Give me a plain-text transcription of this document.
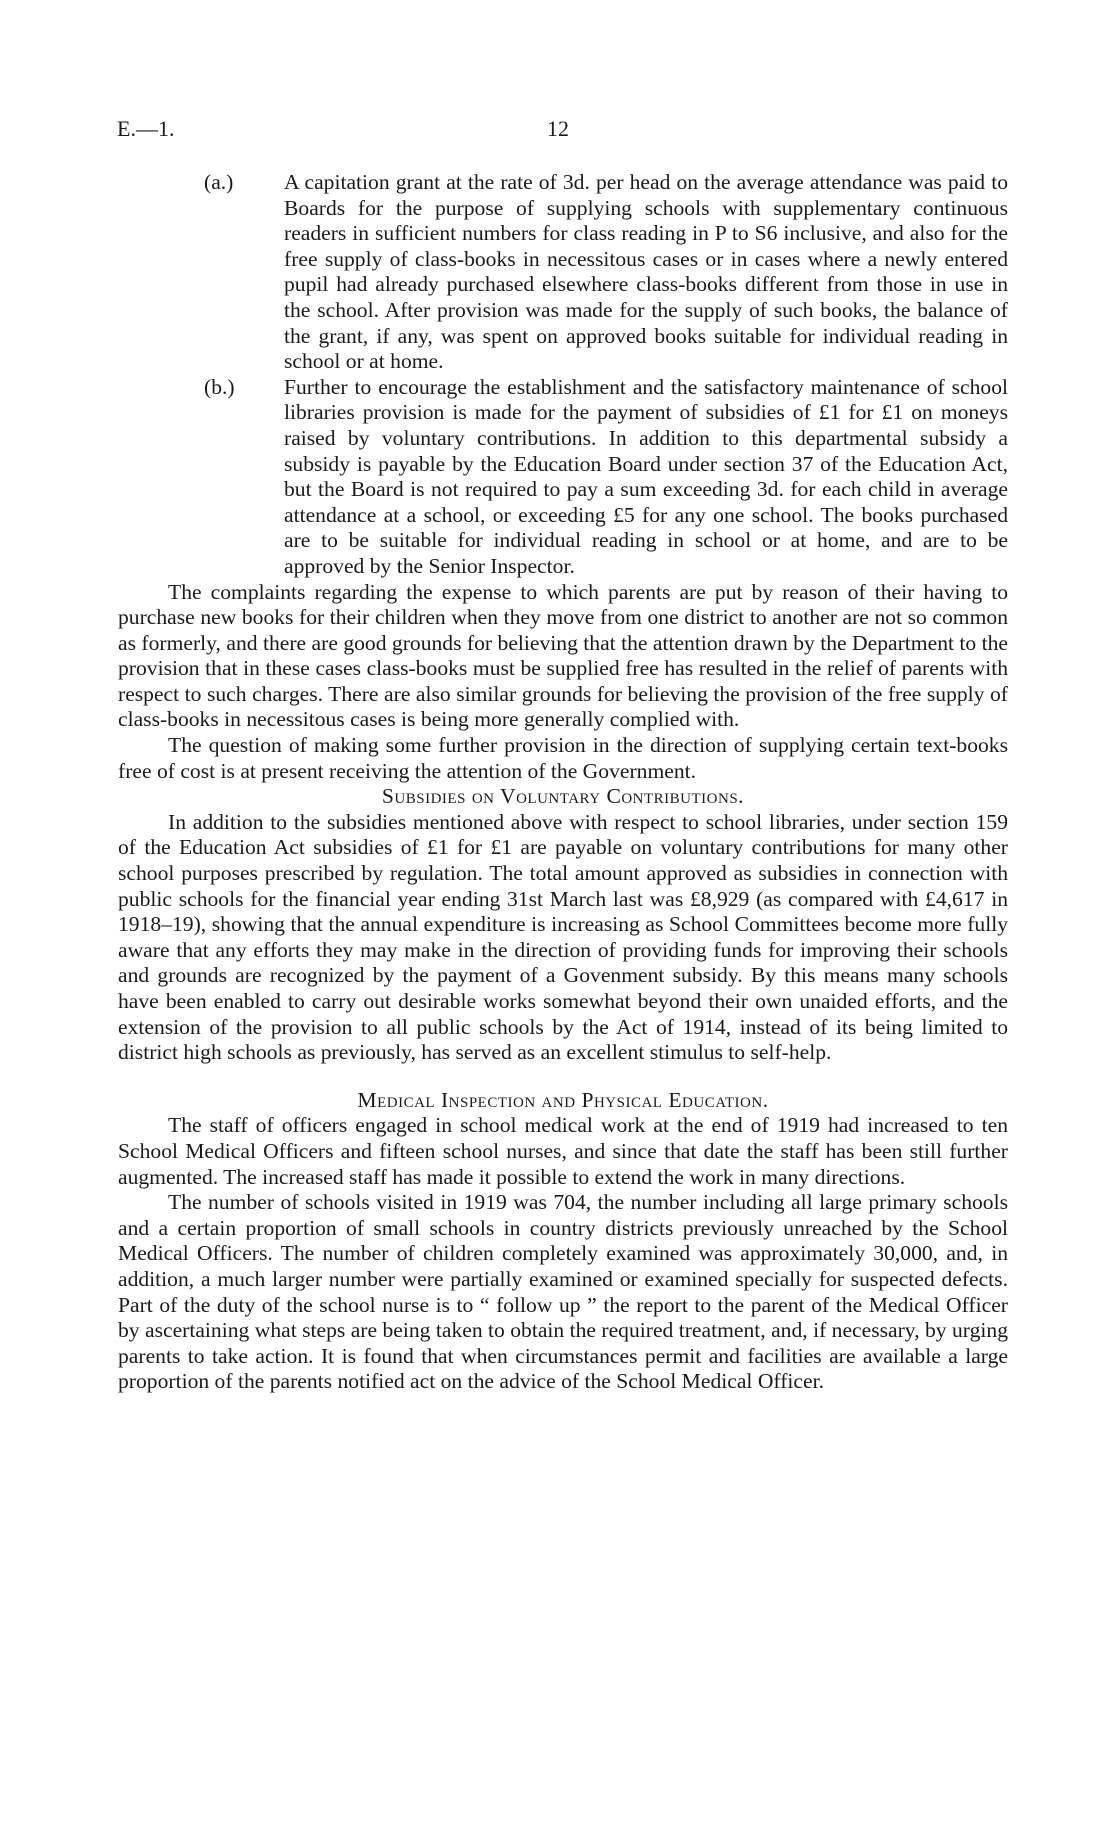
E.—1.	12

(a.) A capitation grant at the rate of 3d. per head on the average attendance was paid to Boards for the purpose of supplying schools with supplementary continuous readers in sufficient numbers for class reading in P to S6 inclusive, and also for the free supply of class-books in necessitous cases or in cases where a newly entered pupil had already purchased elsewhere class-books different from those in use in the school. After provision was made for the supply of such books, the balance of the grant, if any, was spent on approved books suitable for individual reading in school or at home.

(b.) Further to encourage the establishment and the satisfactory maintenance of school libraries provision is made for the payment of subsidies of £1 for £1 on moneys raised by voluntary contributions. In addition to this departmental subsidy a subsidy is payable by the Education Board under section 37 of the Education Act, but the Board is not required to pay a sum exceeding 3d. for each child in average attendance at a school, or exceeding £5 for any one school. The books purchased are to be suitable for individual reading in school or at home, and are to be approved by the Senior Inspector.

The complaints regarding the expense to which parents are put by reason of their having to purchase new books for their children when they move from one district to another are not so common as formerly, and there are good grounds for believing that the attention drawn by the Department to the provision that in these cases class-books must be supplied free has resulted in the relief of parents with respect to such charges. There are also similar grounds for believing the provision of the free supply of class-books in necessitous cases is being more generally complied with.

The question of making some further provision in the direction of supplying certain text-books free of cost is at present receiving the attention of the Government.

Subsidies on Voluntary Contributions.

In addition to the subsidies mentioned above with respect to school libraries, under section 159 of the Education Act subsidies of £1 for £1 are payable on voluntary contributions for many other school purposes prescribed by regulation. The total amount approved as subsidies in connection with public schools for the financial year ending 31st March last was £8,929 (as compared with £4,617 in 1918–19), showing that the annual expenditure is increasing as School Committees become more fully aware that any efforts they may make in the direction of providing funds for improving their schools and grounds are recognized by the payment of a Govenment subsidy. By this means many schools have been enabled to carry out desirable works somewhat beyond their own unaided efforts, and the extension of the provision to all public schools by the Act of 1914, instead of its being limited to district high schools as previously, has served as an excellent stimulus to self-help.

Medical Inspection and Physical Education.

The staff of officers engaged in school medical work at the end of 1919 had increased to ten School Medical Officers and fifteen school nurses, and since that date the staff has been still further augmented. The increased staff has made it possible to extend the work in many directions.

The number of schools visited in 1919 was 704, the number including all large primary schools and a certain proportion of small schools in country districts previously unreached by the School Medical Officers. The number of children completely examined was approximately 30,000, and, in addition, a much larger number were partially examined or examined specially for suspected defects. Part of the duty of the school nurse is to “ follow up ” the report to the parent of the Medical Officer by ascertaining what steps are being taken to obtain the required treatment, and, if necessary, by urging parents to take action. It is found that when circumstances permit and facilities are available a large proportion of the parents notified act on the advice of the School Medical Officer.
